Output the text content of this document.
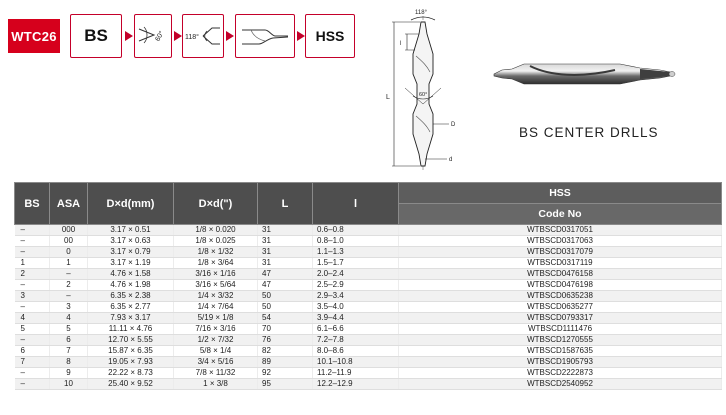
WTC26 BS	60°	118°	HSS
118°
l
L	60°
D
d
BS CENTER DRLLS
BS	ASA	D×d(mm)	D×d(")	L	l	HSS
						Code No
–	000	3.17 × 0.51	1/8 × 0.020	31	0.6–0.8	WTBSCD0317051
–	00	3.17 × 0.63	1/8 × 0.025	31	0.8–1.0	WTBSCD0317063
–	0	3.17 × 0.79	1/8 × 1/32	31	1.1–1.3	WTBSCD0317079
1	1	3.17 × 1.19	1/8 × 3/64	31	1.5–1.7	WTBSCD0317119
2	–	4.76 × 1.58	3/16 × 1/16	47	2.0–2.4	WTBSCD0476158
–	2	4.76 × 1.98	3/16 × 5/64	47	2.5–2.9	WTBSCD0476198
3	–	6.35 × 2.38	1/4 × 3/32	50	2.9–3.4	WTBSCD0635238
–	3	6.35 × 2.77	1/4 × 7/64	50	3.5–4.0	WTBSCD0635277
4	4	7.93 × 3.17	5/19 × 1/8	54	3.9–4.4	WTBSCD0793317
5	5	11.11 × 4.76	7/16 × 3/16	70	6.1–6.6	WTBSCD1111476
–	6	12.70 × 5.55	1/2 × 7/32	76	7.2–7.8	WTBSCD1270555
6	7	15.87 × 6.35	5/8 × 1/4	82	8.0–8.6	WTBSCD1587635
7	8	19.05 × 7.93	3/4 × 5/16	89	10.1–10.8	WTBSCD1905793
–	9	22.22 × 8.73	7/8 × 11/32	92	11.2–11.9	WTBSCD2222873
–	10	25.40 × 9.52	1 × 3/8	95	12.2–12.9	WTBSCD2540952
